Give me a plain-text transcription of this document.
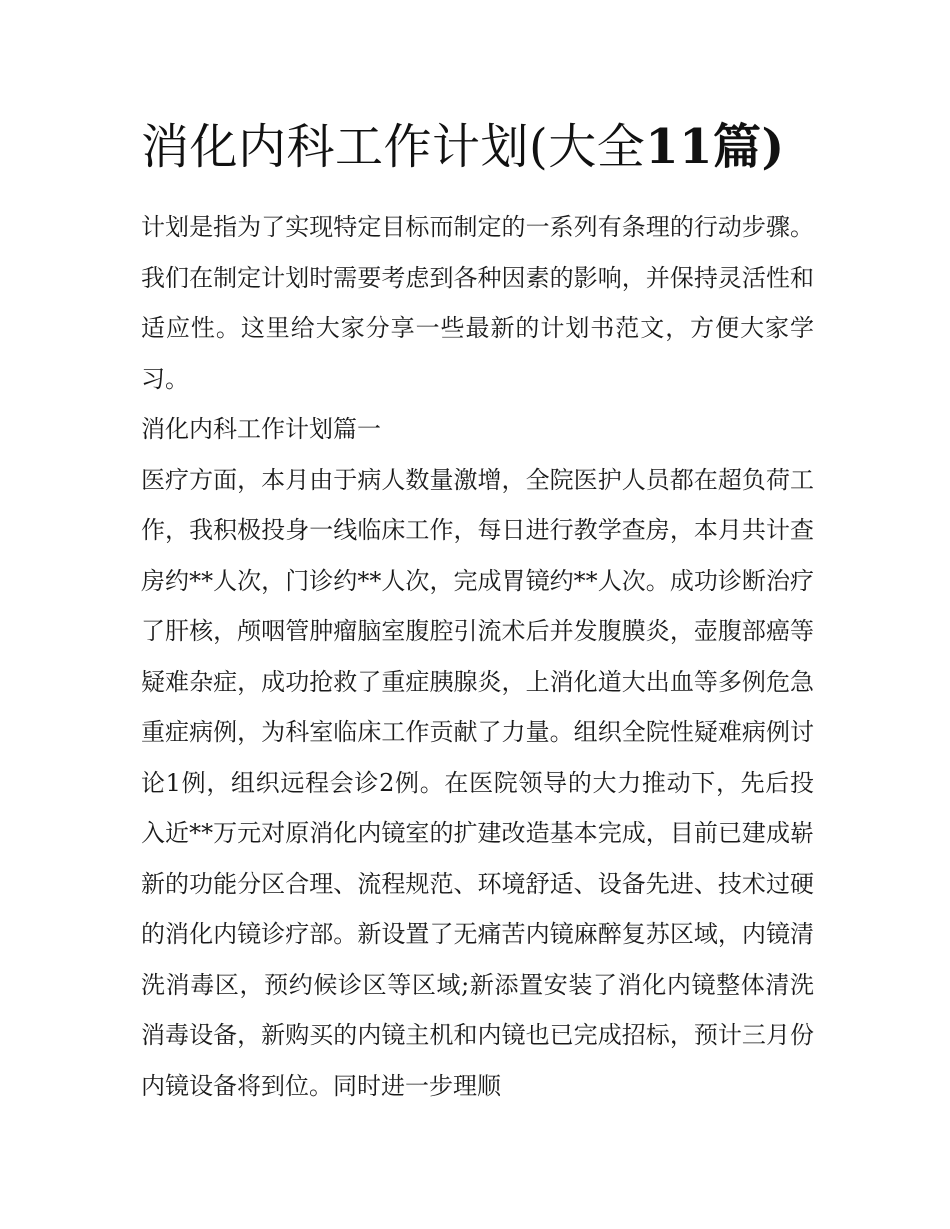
消化内科工作计划(大全11篇)

计划是指为了实现特定目标而制定的一系列有条理的行动步骤。我们在制定计划时需要考虑到各种因素的影响，并保持灵活性和适应性。这里给大家分享一些最新的计划书范文，方便大家学习。

消化内科工作计划篇一

医疗方面，本月由于病人数量激增，全院医护人员都在超负荷工作，我积极投身一线临床工作，每日进行教学查房，本月共计查房约**人次，门诊约**人次，完成胃镜约**人次。成功诊断治疗了肝核，颅咽管肿瘤脑室腹腔引流术后并发腹膜炎，壶腹部癌等疑难杂症，成功抢救了重症胰腺炎，上消化道大出血等多例危急重症病例，为科室临床工作贡献了力量。组织全院性疑难病例讨论1例，组织远程会诊2例。在医院领导的大力推动下，先后投入近**万元对原消化内镜室的扩建改造基本完成，目前已建成崭新的功能分区合理、流程规范、环境舒适、设备先进、技术过硬的消化内镜诊疗部。新设置了无痛苦内镜麻醉复苏区域，内镜清洗消毒区，预约候诊区等区域;新添置安装了消化内镜整体清洗消毒设备，新购买的内镜主机和内镜也已完成招标，预计三月份内镜设备将到位。同时进一步理顺
